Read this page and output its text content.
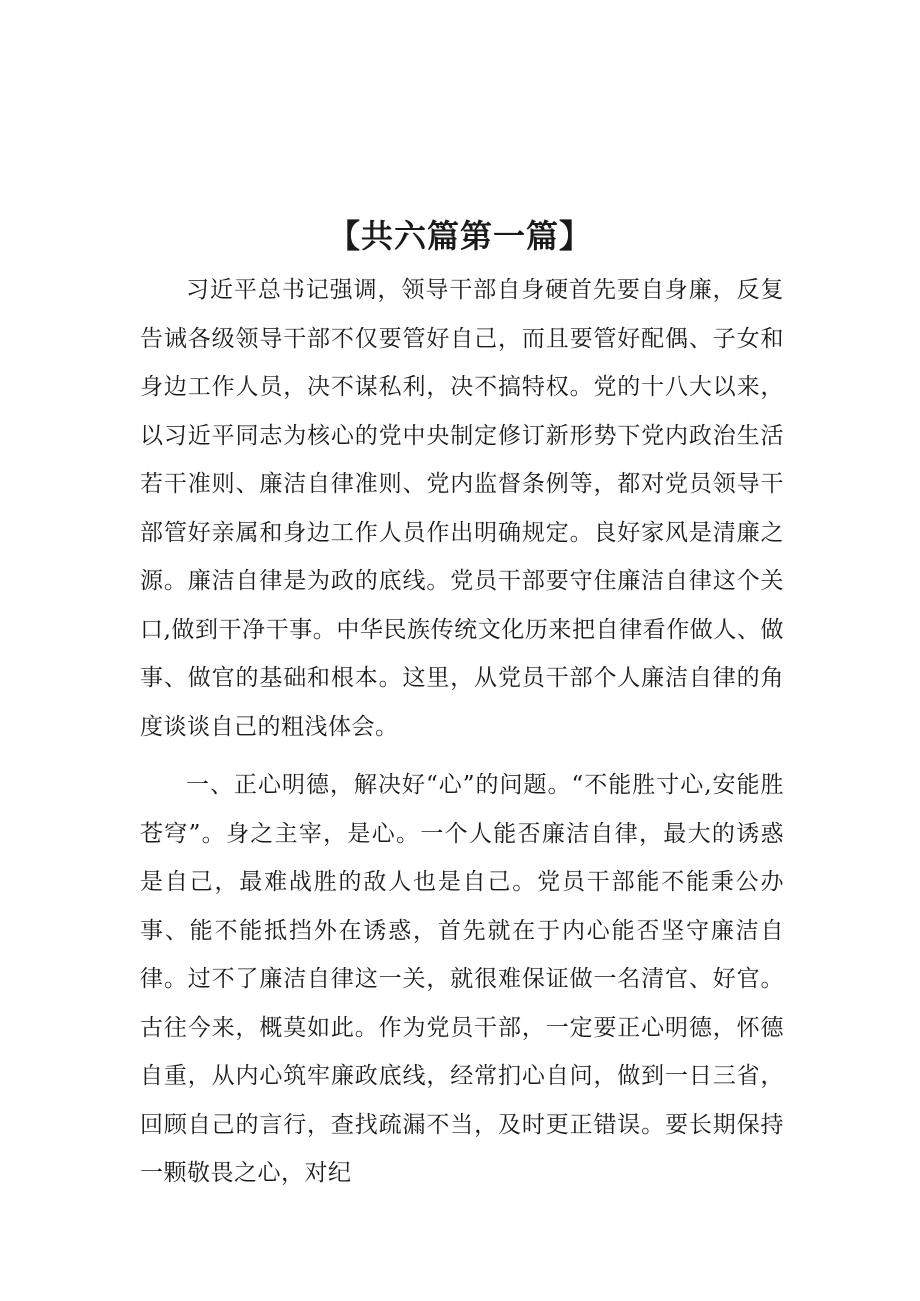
【共六篇第一篇】

习近平总书记强调，领导干部自身硬首先要自身廉，反复告诫各级领导干部不仅要管好自己，而且要管好配偶、子女和身边工作人员，决不谋私利，决不搞特权。党的十八大以来，以习近平同志为核心的党中央制定修订新形势下党内政治生活若干准则、廉洁自律准则、党内监督条例等，都对党员领导干部管好亲属和身边工作人员作出明确规定。良好家风是清廉之源。廉洁自律是为政的底线。党员干部要守住廉洁自律这个关口,做到干净干事。中华民族传统文化历来把自律看作做人、做事、做官的基础和根本。这里，从党员干部个人廉洁自律的角度谈谈自己的粗浅体会。

一、正心明德，解决好“心”的问题。“不能胜寸心,安能胜苍穹”。身之主宰，是心。一个人能否廉洁自律，最大的诱惑是自己，最难战胜的敌人也是自己。党员干部能不能秉公办事、能不能抵挡外在诱惑，首先就在于内心能否坚守廉洁自律。过不了廉洁自律这一关，就很难保证做一名清官、好官。古往今来，概莫如此。作为党员干部，一定要正心明德，怀德自重，从内心筑牢廉政底线，经常扪心自问，做到一日三省，回顾自己的言行，查找疏漏不当，及时更正错误。要长期保持一颗敬畏之心，对纪
